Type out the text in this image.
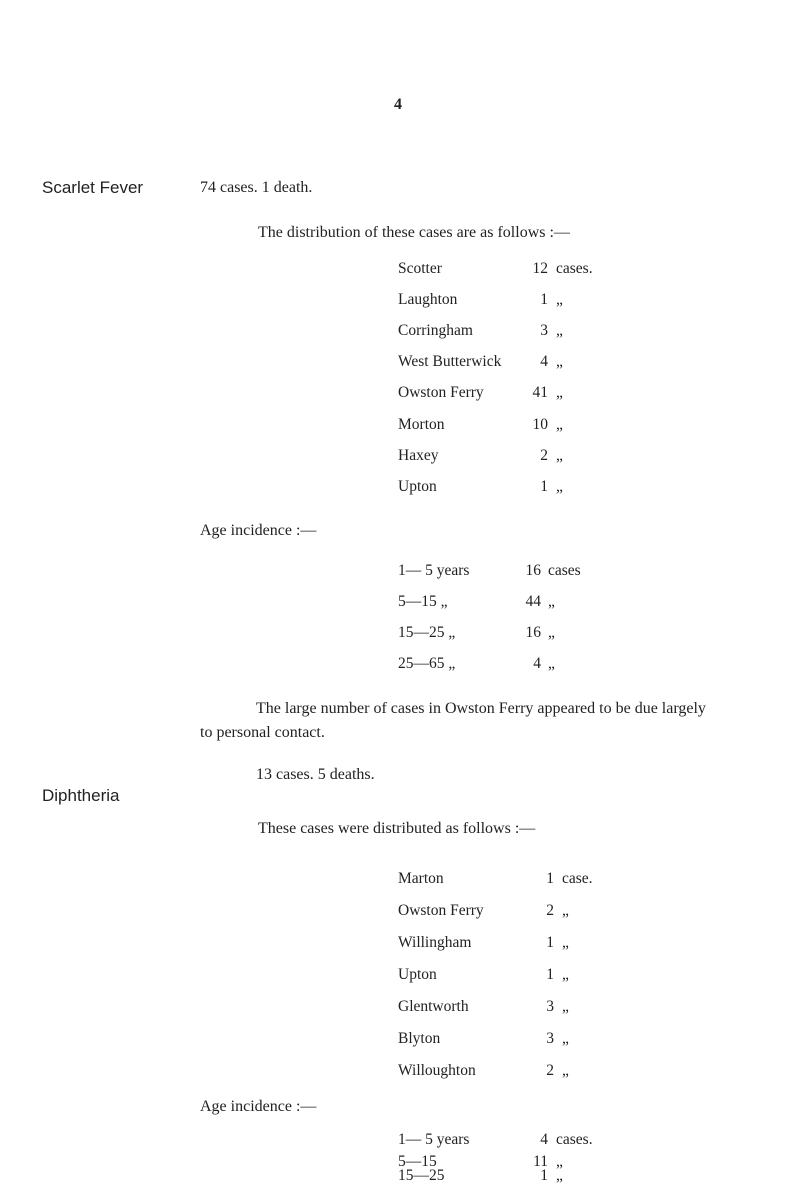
4
Scarlet Fever	74 cases. 1 death.
The distribution of these cases are as follows :—
Scotter	12 cases.
Laughton	1 „
Corringham	3 „
West Butterwick	4 „
Owston Ferry	41 „
Morton	10 „
Haxey	2 „
Upton	1 „
Age incidence :—
1— 5 years	16 cases
5—15 „	44 „
15—25 „	16 „
25—65 „	4 „
The large number of cases in Owston Ferry appeared to be due largely
to personal contact.
13 cases. 5 deaths.
Diphtheria
These cases were distributed as follows :—
Marton	1 case.
Owston Ferry	2 „
Willingham	1 „
Upton	1 „
Glentworth	3 „
Blyton	3 „
Willoughton	2 „
Age incidence :—
1— 5 years	4 cases.
5—15	11 „
15—25	1 „
